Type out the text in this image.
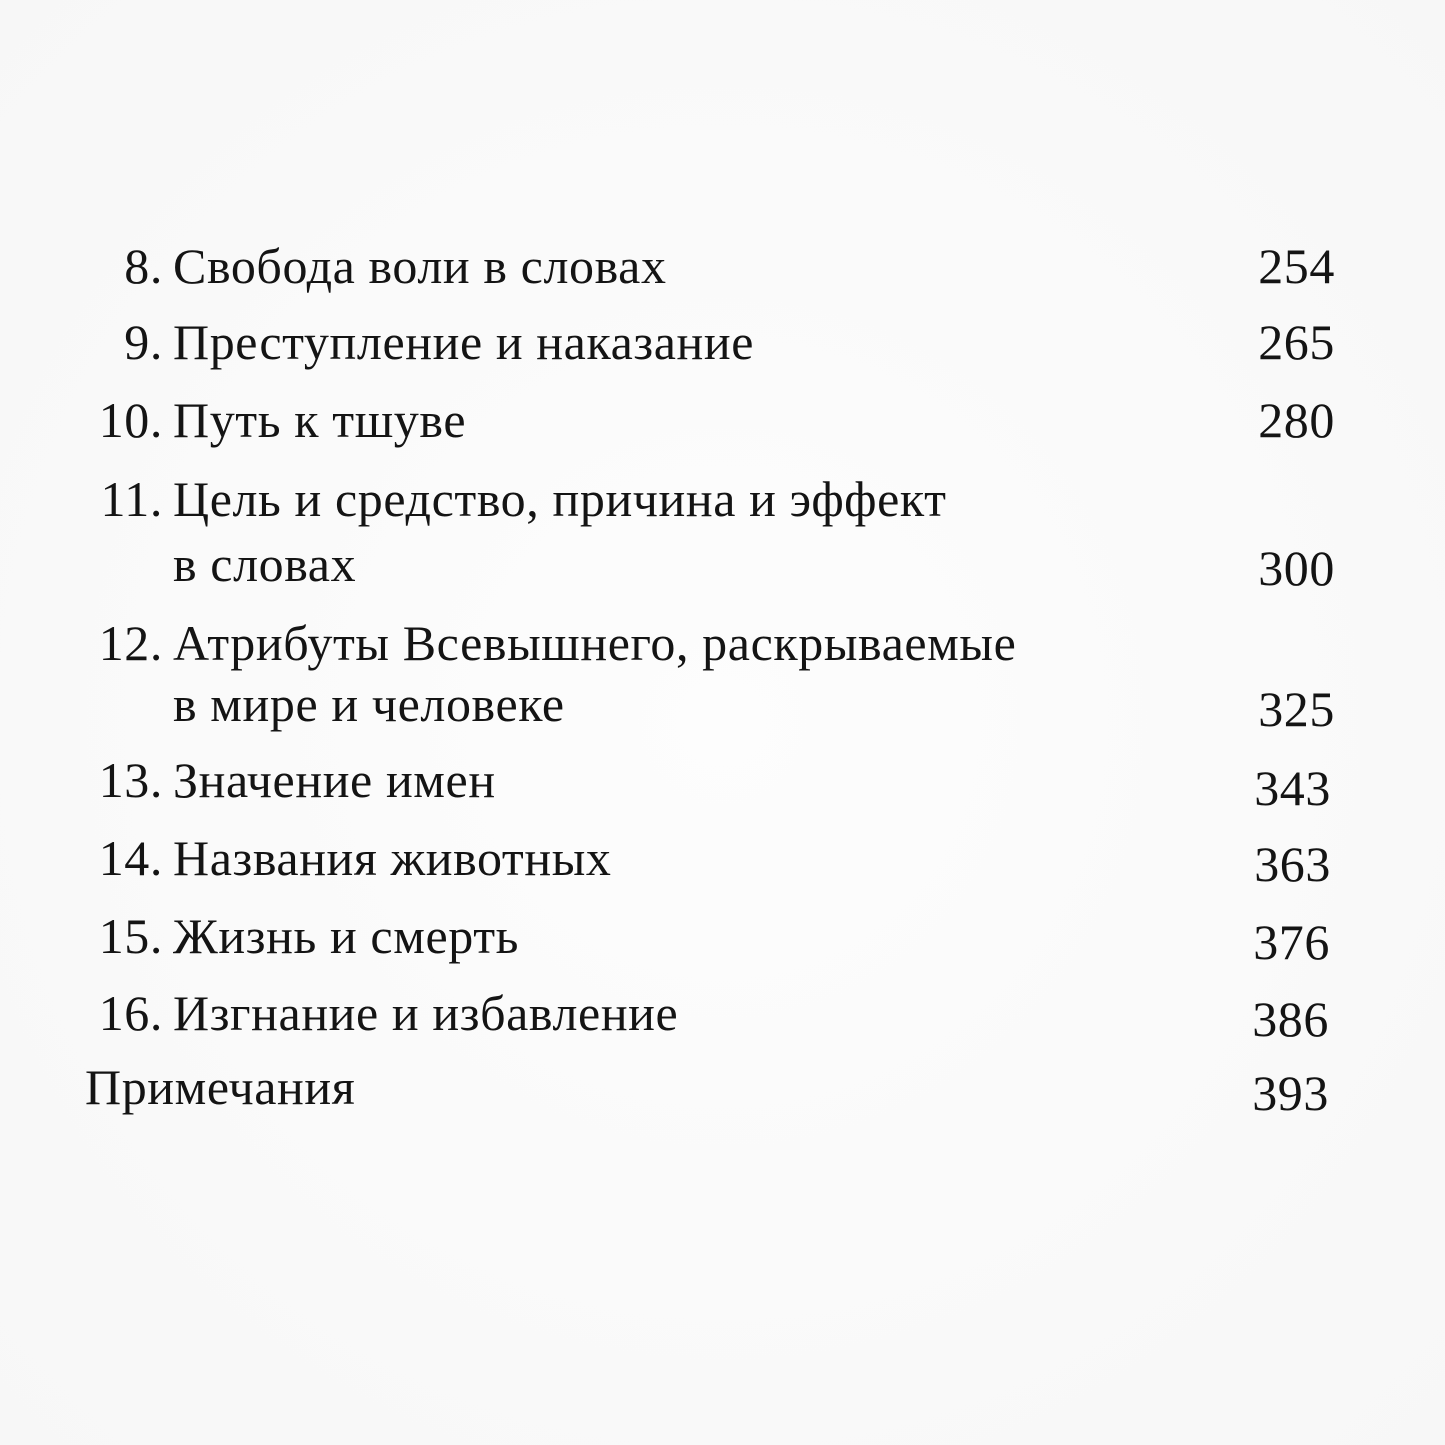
8. Свобода воли в словах	254
9. Преступление и наказание	265
10. Путь к тшуве	280
11. Цель и средство, причина и эффект
в словах	300
12. Атрибуты Всевышнего, раскрываемые
в мире и человеке	325
13. Значение имен	343
14. Названия животных	363
15. Жизнь и смерть	376
16. Изгнание и избавление	386
Примечания	393
